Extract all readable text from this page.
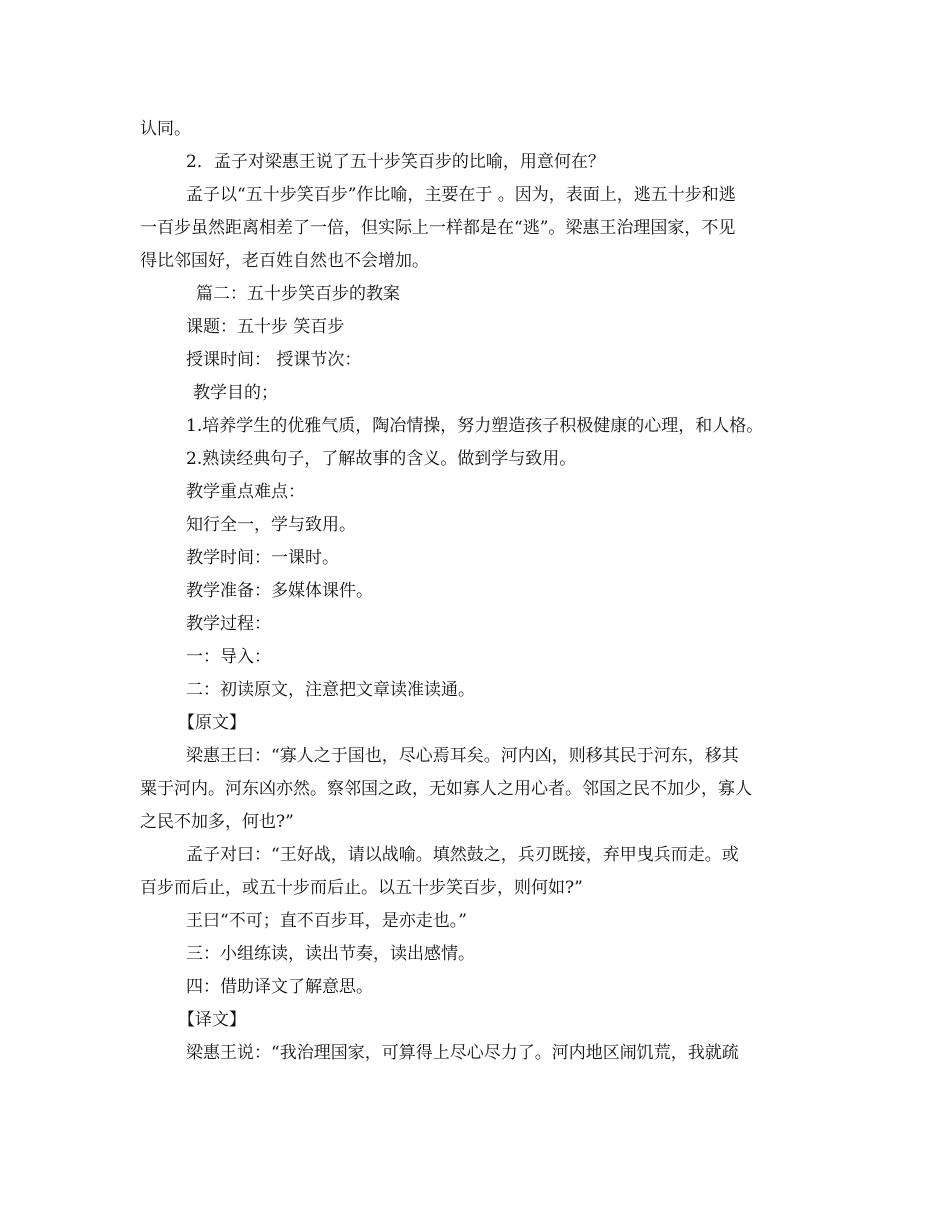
认同。
2．孟子对梁惠王说了五十步笑百步的比喻，用意何在？
孟子以“五十步笑百步”作比喻，主要在于 。因为，表面上，逃五十步和逃
一百步虽然距离相差了一倍，但实际上一样都是在“逃”。梁惠王治理国家，不见
得比邻国好，老百姓自然也不会增加。
篇二：五十步笑百步的教案
课题：五十步 笑百步
授课时间： 授课节次：
教学目的；
1.培养学生的优雅气质，陶冶情操，努力塑造孩子积极健康的心理，和人格。
2.熟读经典句子，了解故事的含义。做到学与致用。
教学重点难点：
知行全一，学与致用。
教学时间：一课时。
教学准备：多媒体课件。
教学过程：
一：导入：
二：初读原文，注意把文章读准读通。
【原文】
梁惠王曰：“寡人之于国也，尽心焉耳矣。河内凶，则移其民于河东，移其
粟于河内。河东凶亦然。察邻国之政，无如寡人之用心者。邻国之民不加少，寡人
之民不加多，何也?”
孟子对曰：“王好战，请以战喻。填然鼓之，兵刃既接，弃甲曳兵而走。或
百步而后止，或五十步而后止。以五十步笑百步，则何如?”
王曰“不可；直不百步耳，是亦走也。”
三：小组练读，读出节奏，读出感情。
四：借助译文了解意思。
【译文】
梁惠王说：“我治理国家，可算得上尽心尽力了。河内地区闹饥荒，我就疏
